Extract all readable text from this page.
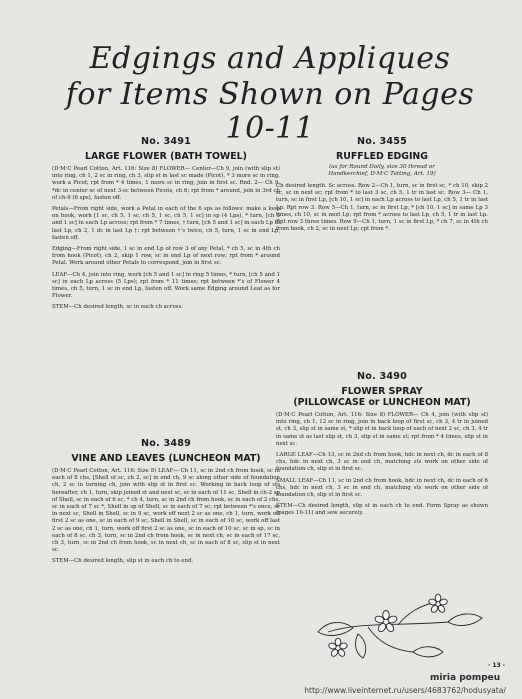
Edgings and Appliques
for Items Shown on Pages 10-11
No. 3491
LARGE FLOWER (BATH TOWEL)

(D·M·C Pearl Cotton, Art. 116: Size 8) FLOWER— Center—Ch 9, join (with slip st) into ring, ch 1, 2 sc in ring, ch 3, slip st in last sc made (Picot), * 3 more sc in ring, work a Picot; rpt from * 4 times, 1 more sc in ring, join in first sc. Rnd. 2— Ch 9, *dc in center sc of next 3-sc between Picots, ch 6; rpt from * around, join in 3rd ch of ch-9 (6 sps), fasten off.

Petals—From right side, work a Petal in each of the 6 sps as follows: make a loop on hook, work [1 sc, ch 5, 1 sc, ch 5, 1 sc, ch 5, 1 sc] in sp (4 Lps), * turn, [ch 5 and 1 sc] in each Lp across; rpt from * 7 times, † turn, [ch 5 and 1 sc] in each Lp to last Lp, ch 2, 1 dc in last Lp †; rpt between †'s twice, ch 5, turn, 1 sc in end Lp, fasten off.

Edging—From right side, 1 sc in end Lp of row 3 of any Petal, * ch 5, sc in 4th ch from hook (Picot), ch 2, skip 1 row, sc in end Lp of next row; rpt from * around Petal. Work around other Petals to correspond, join in first sc.

LEAF—Ch 4, join into ring, work [ch 5 and 1 sc] in ring 5 times, * turn, [ch 5 and 1 sc] in each Lp across (5 Lps); rpt from * 11 times; rpt between *'s of Flower 4 times, ch 5, turn, 1 sc in end Lp, fasten off. Work same Edging around Leaf as for Flower.

STEM—Ch desired length, sc in each ch across.

No. 3489
VINE AND LEAVES (LUNCHEON MAT)

(D·M·C Pearl Cotton, Art. 116: Size 8) LEAF— Ch 11, sc in 2nd ch from hook, sc in each of 8 chs, [Shell of sc, ch 2, sc] in end ch, 9 sc along other side of foundation ch, 2 sc in turning ch, join with slip st in first sc. Working in back loop of sts hereafter, ch 1, turn, skip joined st and next sc, sc in each of 11 sc, Shell in ch-2 sp of Shell, sc in each of 6 sc, * ch 4, turn, sc in 2nd ch from hook, sc in each of 2 chs, sc in each of 7 sc *, Shell in sp of Shell, sc in each of 7 sc; rpt between *'s once, sc in next sc, Shell in Shell, sc in 9 sc, work off next 2 sc as one, ch 1, turn, work off first 2 sc as one, sc in each of 9 sc, Shell in Shell, sc in each of 10 sc, work off last 2 sc as one, ch 1, turn, work off first 2 sc as one, sc in each of 10 sc, sc in sp, sc in each of 8 sc, ch 3, turn, sc in 2nd ch from hook, sc in next ch, sc in each of 17 sc, ch 3, turn, sc in 2nd ch from hook, sc in next ch, sc in each of 8 sc, slip st in next sc.

STEM—Ch desired length, slip st in each ch to end.

No. 3455
RUFFLED EDGING
(as for Round Doily, size 30 thread or
Handkerchief, D·M·C Tatting, Art. 19)

Ch desired length. Sc across. Row 2—Ch 1, turn, sc in first sc, * ch 10, skip 2 sc, sc in next sc; rpt from * to last 3 sc, ch 5, 1 tr in last sc. Row 3— Ch 1, turn, sc in first Lp, [ch 10, 1 sc] in each Lp across to last Lp, ch 5, 1 tr in last Lp. Rpt row 3. Row 5—Ch 1, turn, sc in first Lp, * [ch 10, 1 sc] in same Lp 3 times, ch 10, sc in next Lp; rpt from * across to last Lp, ch 5, 1 tr in last Lp. Rpt row 3 three times. Row 9—Ch 1, turn, 1 sc in first Lp, * ch 7, sc in 4th ch from hook, ch 2, sc in next Lp; rpt from *.

No. 3490
FLOWER SPRAY
(PILLOWCASE or LUNCHEON MAT)

(D·M·C Pearl Cotton, Art. 116: Size 8) FLOWER— Ch 4, join (with slip st) into ring, ch 1, 12 sc in ring, join in back loop of first sc, ch 3, 4 tr in joined st, ch 3, slip st in same st, * slip st in back loop of each of next 2 sc, ch 3, 4 tr in same st as last slip st, ch 3, slip st in same st; rpt from * 4 times, slip st in next sc.

LARGE LEAF—Ch 13, sc in 2nd ch from hook, hdc in next ch, dc in each of 8 chs, hdc in next ch, 3 sc in end ch, matching sts work on other side of foundation ch, slip st in first sc.

SMALL LEAF—Ch 11, sc in 2nd ch from hook, hdc in next ch, dc in each of 6 chs, hdc in next ch, 3 sc in end ch, matching sts work on other side of foundation ch, slip st in first sc.

STEM—Ch desired length, slip st in each ch to end. Form Spray as shown (pages 10-11) and sew securely.

miria pompeu
· 13 ·
http://www.liveinternet.ru/users/4683762/hodusyata/
